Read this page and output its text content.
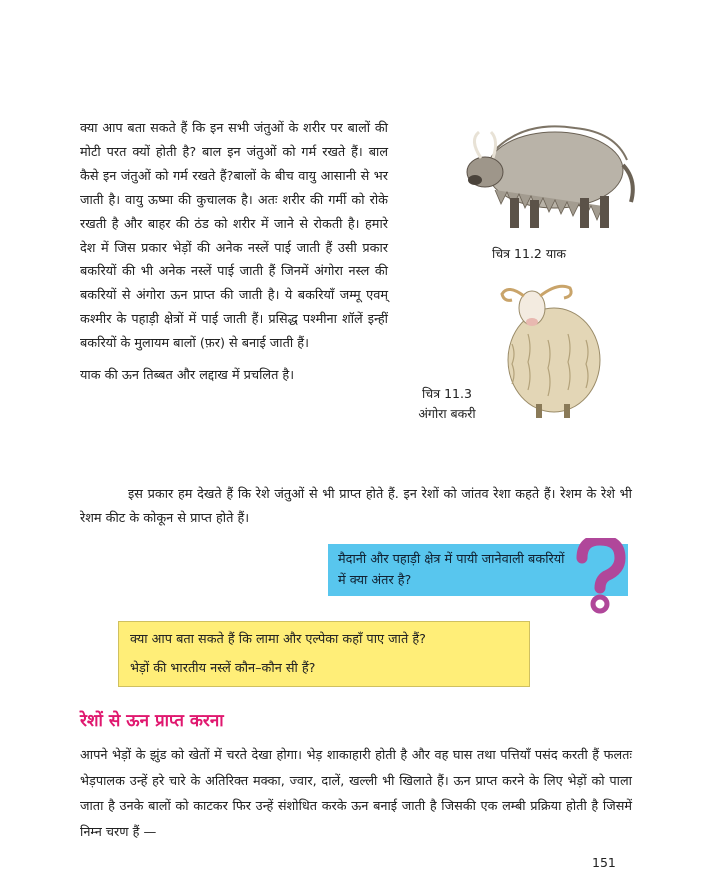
क्या आप बता सकते हैं कि इन सभी जंतुओं के शरीर पर बालों की मोटी परत क्यों होती है? बाल इन जंतुओं को गर्म रखते हैं। बाल कैसे इन जंतुओं को गर्म रखते हैं?बालों के बीच वायु आसानी से भर जाती है। वायु ऊष्मा की कुचालक है। अतः शरीर की गर्मी को रोके रखती है और बाहर की ठंड को शरीर में जाने से रोकती है। हमारे देश में जिस प्रकार भेड़ों की अनेक नस्लें पाई जाती हैं उसी प्रकार बकरियों की भी अनेक नस्लें पाई जाती हैं जिनमें अंगोरा नस्ल की बकरियों से अंगोरा ऊन प्राप्त की जाती है। ये बकरियाँ जम्मू एवम् कश्मीर के पहाड़ी क्षेत्रों में पाई जाती हैं। प्रसिद्ध पश्मीना शॉलें इन्हीं बकरियों के मुलायम बालों (फ़र) से बनाई जाती हैं।
याक की ऊन तिब्बत और लद्दाख में प्रचलित है।
चित्र 11.2 याक
चित्र 11.3
अंगोरा बकरी
इस प्रकार हम देखते हैं कि रेशे जंतुओं से भी प्राप्त होते हैं. इन रेशों को जांतव रेशा कहते हैं। रेशम के रेशे भी रेशम कीट के कोकून से प्राप्त होते हैं।
मैदानी और पहाड़ी क्षेत्र में पायी जानेवाली बकरियों में क्या अंतर है?
क्या आप बता सकते हैं कि लामा और एल्पेका कहाँ पाए जाते हैं?
भेड़ों की भारतीय नस्लें कौन–कौन सी हैं?
रेशों से ऊन प्राप्त करना
आपने भेड़ों के झुंड को खेतों में चरते देखा होगा। भेड़ शाकाहारी होती है और वह घास तथा पत्तियाँ पसंद करती हैं फलतः भेड़पालक उन्हें हरे चारे के अतिरिक्त मक्का, ज्वार, दालें, खल्ली भी खिलाते हैं। ऊन प्राप्त करने के लिए भेड़ों को पाला जाता है उनके बालों को काटकर फिर उन्हें संशोधित करके ऊन बनाई जाती है जिसकी एक लम्बी प्रक्रिया होती है जिसमें निम्न चरण हैं —
151
